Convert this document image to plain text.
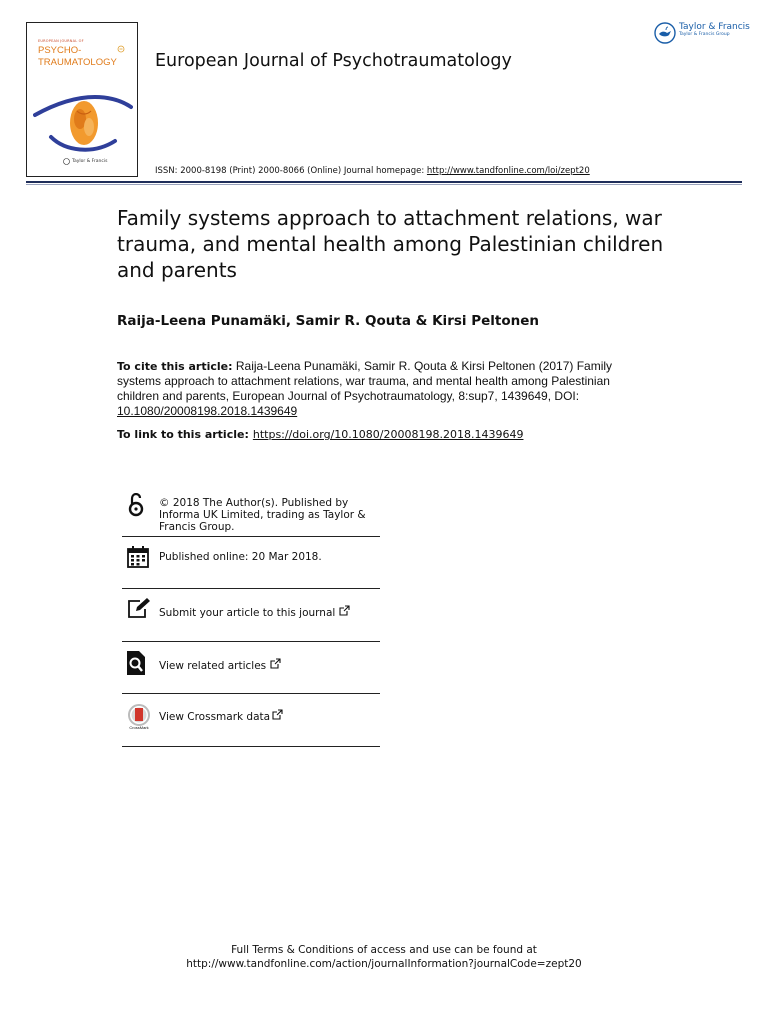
EUROPEAN JOURNAL OF
PSYCHO-
TRAUMATOLOGY
Taylor & Francis
European Journal of Psychotraumatology
Taylor & Francis
Taylor & Francis Group
ISSN: 2000-8198 (Print) 2000-8066 (Online) Journal homepage: http://www.tandfonline.com/loi/zept20
Family systems approach to attachment relations, war trauma, and mental health among Palestinian children and parents
Raija-Leena Punamäki, Samir R. Qouta & Kirsi Peltonen
To cite this article: Raija-Leena Punamäki, Samir R. Qouta & Kirsi Peltonen (2017) Family systems approach to attachment relations, war trauma, and mental health among Palestinian children and parents, European Journal of Psychotraumatology, 8:sup7, 1439649, DOI: 10.1080/20008198.2018.1439649
To link to this article: https://doi.org/10.1080/20008198.2018.1439649
© 2018 The Author(s). Published by Informa UK Limited, trading as Taylor & Francis Group.
Published online: 20 Mar 2018.
Submit your article to this journal
View related articles
CrossMark
View Crossmark data
Full Terms & Conditions of access and use can be found at
http://www.tandfonline.com/action/journalInformation?journalCode=zept20
